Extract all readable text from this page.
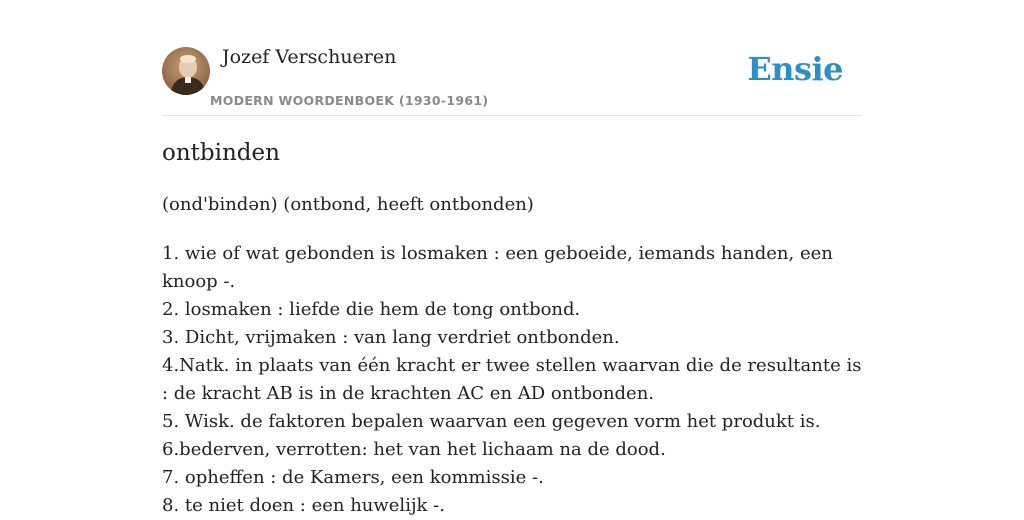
Jozef Verschueren
MODERN WOORDENBOEK (1930-1961)
Ensie
ontbinden
(ond'bindən) (ontbond, heeft ontbonden)

1. wie of wat gebonden is losmaken : een geboeide, iemands handen, een knoop -.

2. losmaken : liefde die hem de tong ontbond.

3. Dicht, vrijmaken : van lang verdriet ontbonden.

4.Natk. in plaats van één kracht er twee stellen waarvan die de resultante is : de kracht AB is in de krachten AC en AD ontbonden.

5. Wisk. de faktoren bepalen waarvan een gegeven vorm het produkt is.

6.bederven, verrotten: het van het lichaam na de dood.

7. opheffen : de Kamers, een kommissie -.

8. te niet doen : een huwelijk -.
